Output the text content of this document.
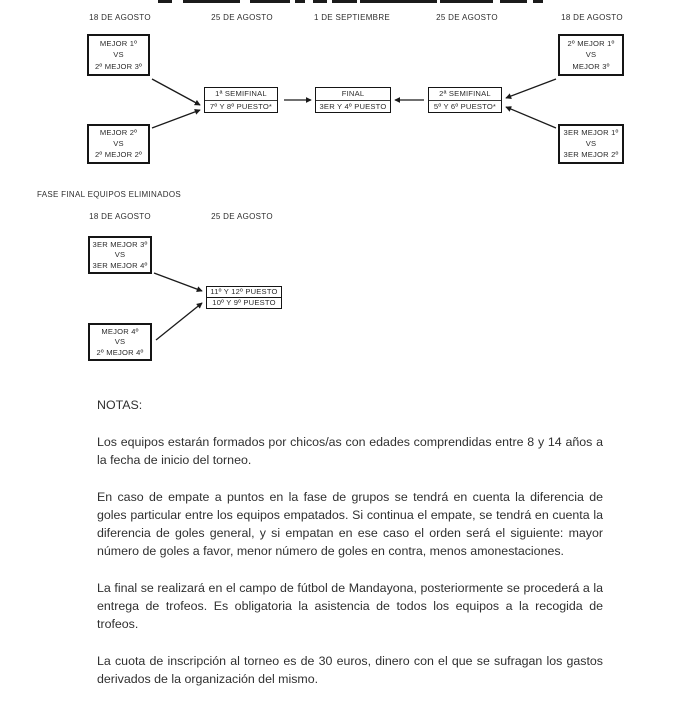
18 DE AGOSTO	25 DE AGOSTO	1 DE SEPTIEMBRE	25 DE AGOSTO	18 DE AGOSTO
MEJOR 1º
VS
2º MEJOR 3º
MEJOR 2º
VS
2º MEJOR 2º
1ª SEMIFINAL
7º Y 8º PUESTO*
FINAL
3ER Y 4º PUESTO
2ª SEMIFINAL
5º Y 6º PUESTO*
2º MEJOR 1º
VS
MEJOR 3º
3ER MEJOR 1º
VS
3ER MEJOR 2º
FASE FINAL EQUIPOS ELIMINADOS
18 DE AGOSTO	25 DE AGOSTO
3ER MEJOR 3º
VS
3ER MEJOR 4º
MEJOR 4º
VS
2º MEJOR 4º
11º Y 12º PUESTO
10º Y 9º PUESTO
NOTAS:

Los equipos estarán formados por chicos/as con edades comprendidas entre 8 y 14 años a la fecha de inicio del torneo.

En caso de empate a puntos en la fase de grupos se tendrá en cuenta la diferencia de goles particular entre los equipos empatados. Si continua el empate, se tendrá en cuenta la diferencia de goles general, y si empatan en ese caso el orden será el siguiente: mayor número de goles a favor, menor número de goles en contra, menos amonestaciones.

La final se realizará en el campo de fútbol de Mandayona, posteriormente se procederá a la entrega de trofeos. Es obligatoria la asistencia de todos los equipos a la recogida de trofeos.

La cuota de inscripción al torneo es de 30 euros, dinero con el que se sufragan los gastos derivados de la organización del mismo.
